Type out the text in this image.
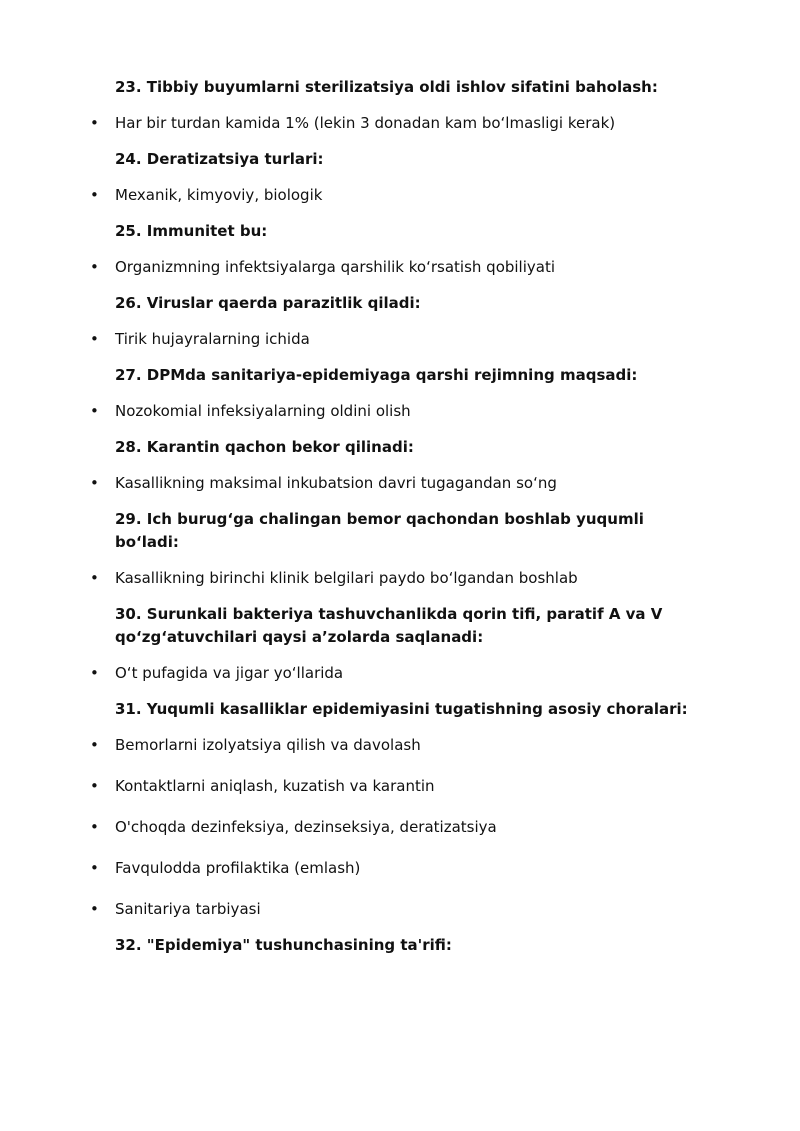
23. Tibbiy buyumlarni sterilizatsiya oldi ishlov sifatini baholash:
• Har bir turdan kamida 1% (lekin 3 donadan kam bo‘lmasligi kerak)
24. Deratizatsiya turlari:
• Mexanik, kimyoviy, biologik
25. Immunitet bu:
• Organizmning infektsiyalarga qarshilik ko‘rsatish qobiliyati
26. Viruslar qaerda parazitlik qiladi:
• Tirik hujayralarning ichida
27. DPMda sanitariya-epidemiyaga qarshi rejimning maqsadi:
• Nozokomial infeksiyalarning oldini olish
28. Karantin qachon bekor qilinadi:
• Kasallikning maksimal inkubatsion davri tugagandan so‘ng
29. Ich burug‘ga chalingan bemor qachondan boshlab yuqumli bo‘ladi:
• Kasallikning birinchi klinik belgilari paydo bo‘lgandan boshlab
30. Surunkali bakteriya tashuvchanlikda qorin tifi, paratif A va V qo‘zg‘atuvchilari qaysi a’zolarda saqlanadi:
• O‘t pufagida va jigar yo‘llarida
31. Yuqumli kasalliklar epidemiyasini tugatishning asosiy choralari:
• Bemorlarni izolyatsiya qilish va davolash
• Kontaktlarni aniqlash, kuzatish va karantin
• O'choqda dezinfeksiya, dezinseksiya, deratizatsiya
• Favqulodda profilaktika (emlash)
• Sanitariya tarbiyasi
32. "Epidemiya" tushunchasining ta'rifi:
